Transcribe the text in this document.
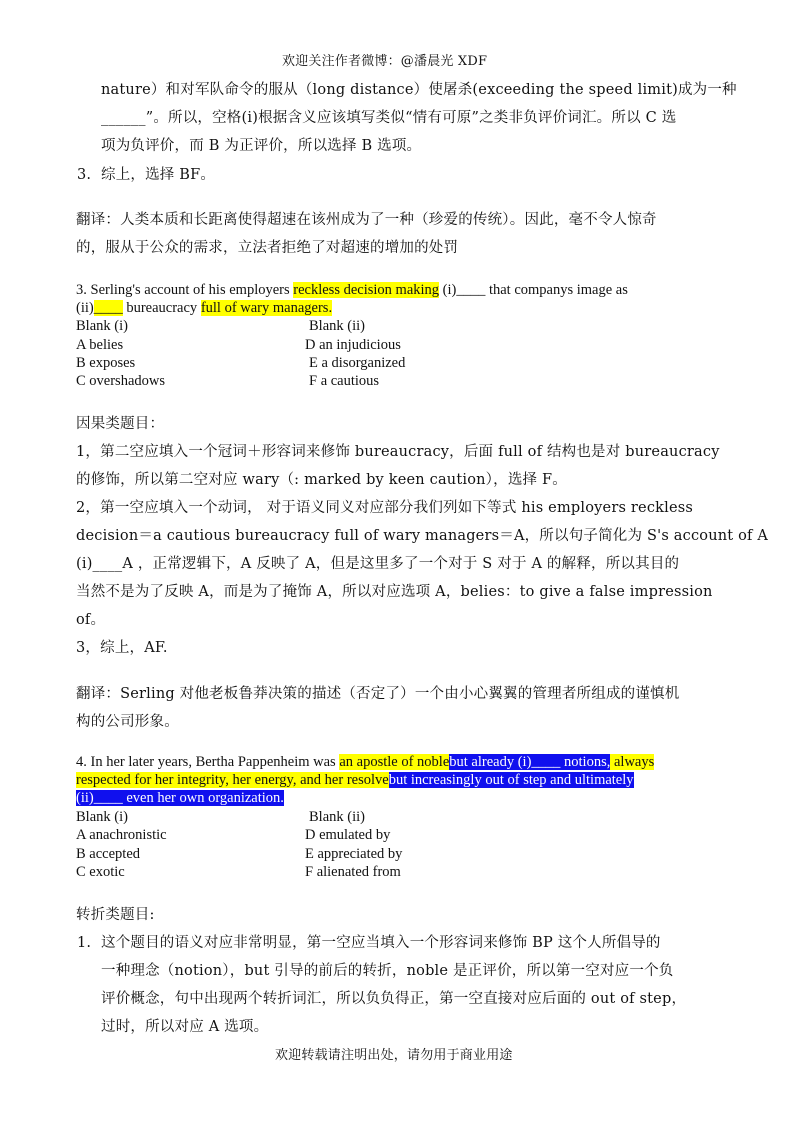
欢迎关注作者微博：@潘晨光 XDF
nature）和对军队命令的服从（long distance）使屠杀(exceeding the speed limit)成为一种
______”。所以，空格(i)根据含义应该填写类似“情有可原”之类非负评价词汇。所以 C 选
项为负评价，而 B 为正评价，所以选择 B 选项。
3. 综上，选择 BF。
翻译：人类本质和长距离使得超速在该州成为了一种（珍爱的传统）。因此，毫不令人惊奇
的，服从于公众的需求，立法者拒绝了对超速的增加的处罚
3. Serling's account of his employers reckless decision making (i)____ that companys image as
(ii)____ bureaucracy full of wary managers.
Blank (i)	Blank (ii)
A belies	D an injudicious
B exposes	E a disorganized
C overshadows	F a cautious
因果类题目：
1，第二空应填入一个冠词＋形容词来修饰 bureaucracy，后面 full of 结构也是对 bureaucracy
的修饰，所以第二空对应 wary（: marked by keen caution），选择 F。
2，第一空应填入一个动词， 对于语义同义对应部分我们列如下等式 his employers reckless
decision＝a cautious bureaucracy full of wary managers＝A，所以句子简化为 S's account of A
(i)____A ，正常逻辑下，A 反映了 A，但是这里多了一个对于 S 对于 A 的解释，所以其目的
当然不是为了反映 A，而是为了掩饰 A，所以对应选项 A，belies：to give a false impression
of。
3，综上，AF.
翻译：Serling 对他老板鲁莽决策的描述（否定了）一个由小心翼翼的管理者所组成的谨慎机
构的公司形象。
4. In her later years, Bertha Pappenheim was an apostle of noblebut already (i)____ notions, always
respected for her integrity, her energy, and her resolvebut increasingly out of step and ultimately
(ii)____ even her own organization.
Blank (i)	Blank (ii)
A anachronistic	D emulated by
B accepted	E appreciated by
C exotic	F alienated from
转折类题目:
1. 这个题目的语义对应非常明显，第一空应当填入一个形容词来修饰 BP 这个人所倡导的
一种理念（notion），but 引导的前后的转折，noble 是正评价，所以第一空对应一个负
评价概念，句中出现两个转折词汇，所以负负得正，第一空直接对应后面的 out of step，
过时，所以对应 A 选项。
欢迎转载请注明出处，请勿用于商业用途
